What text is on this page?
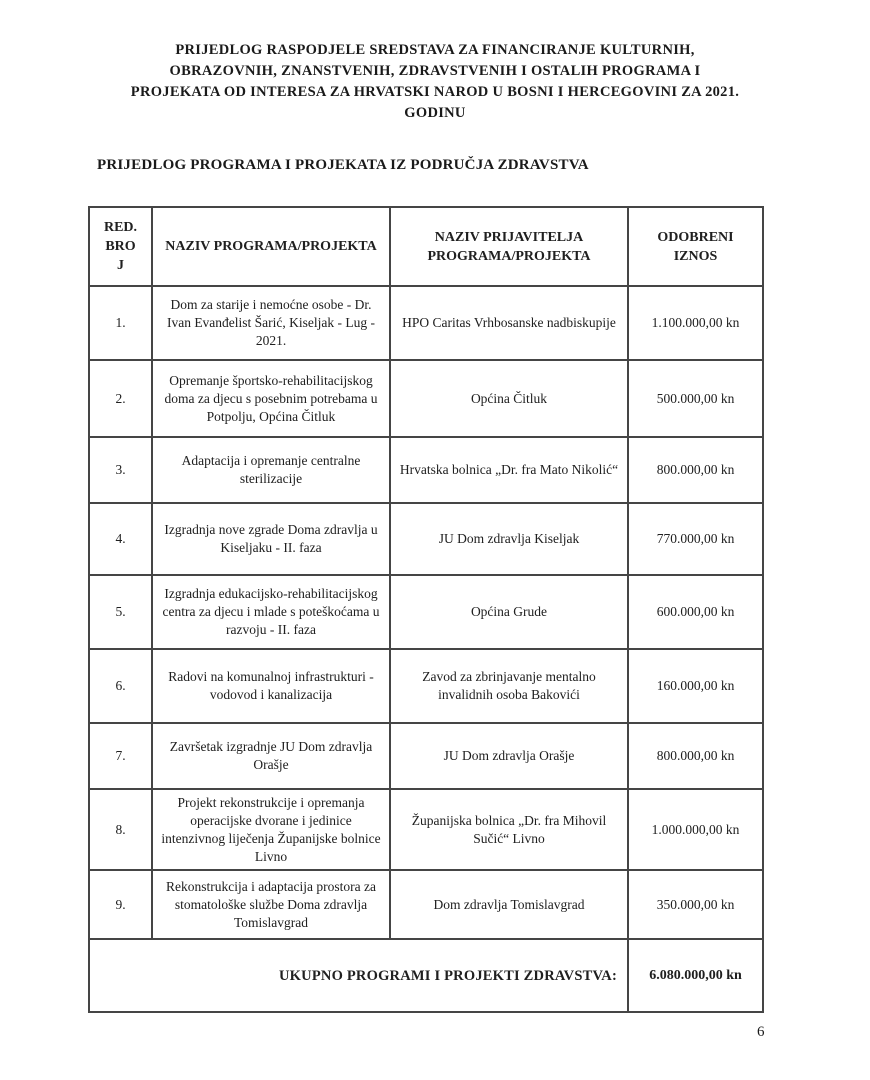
PRIJEDLOG RASPODJELE SREDSTAVA ZA FINANCIRANJE KULTURNIH,
OBRAZOVNIH, ZNANSTVENIH, ZDRAVSTVENIH I OSTALIH PROGRAMA I
PROJEKATA OD INTERESA ZA HRVATSKI NAROD U BOSNI I HERCEGOVINI ZA 2021.
GODINU
PRIJEDLOG PROGRAMA I PROJEKATA IZ PODRUČJA ZDRAVSTVA
RED.
BRO
J	NAZIV PROGRAMA/PROJEKTA	NAZIV PRIJAVITELJA PROGRAMA/PROJEKTA	ODOBRENI IZNOS
1.	Dom za starije i nemoćne osobe - Dr. Ivan Evanđelist Šarić, Kiseljak - Lug - 2021.	HPO Caritas Vrhbosanske nadbiskupije	1.100.000,00 kn
2.	Opremanje športsko-rehabilitacijskog doma za djecu s posebnim potrebama u Potpolju, Općina Čitluk	Općina Čitluk	500.000,00 kn
3.	Adaptacija i opremanje centralne sterilizacije	Hrvatska bolnica „Dr. fra Mato Nikolić“	800.000,00 kn
4.	Izgradnja nove zgrade Doma zdravlja u Kiseljaku - II. faza	JU Dom zdravlja Kiseljak	770.000,00 kn
5.	Izgradnja edukacijsko-rehabilitacijskog centra za djecu i mlade s poteškoćama u razvoju - II. faza	Općina Grude	600.000,00 kn
6.	Radovi na komunalnoj infrastrukturi - vodovod i kanalizacija	Zavod za zbrinjavanje mentalno invalidnih osoba Bakovići	160.000,00 kn
7.	Završetak izgradnje JU Dom zdravlja Orašje	JU Dom zdravlja Orašje	800.000,00 kn
8.	Projekt rekonstrukcije i opremanja operacijske dvorane i jedinice intenzivnog liječenja Županijske bolnice Livno	Županijska bolnica „Dr. fra Mihovil Sučić“ Livno	1.000.000,00 kn
9.	Rekonstrukcija i adaptacija prostora za stomatološke službe Doma zdravlja Tomislavgrad	Dom zdravlja Tomislavgrad	350.000,00 kn
UKUPNO PROGRAMI I PROJEKTI ZDRAVSTVA:			6.080.000,00 kn
6
